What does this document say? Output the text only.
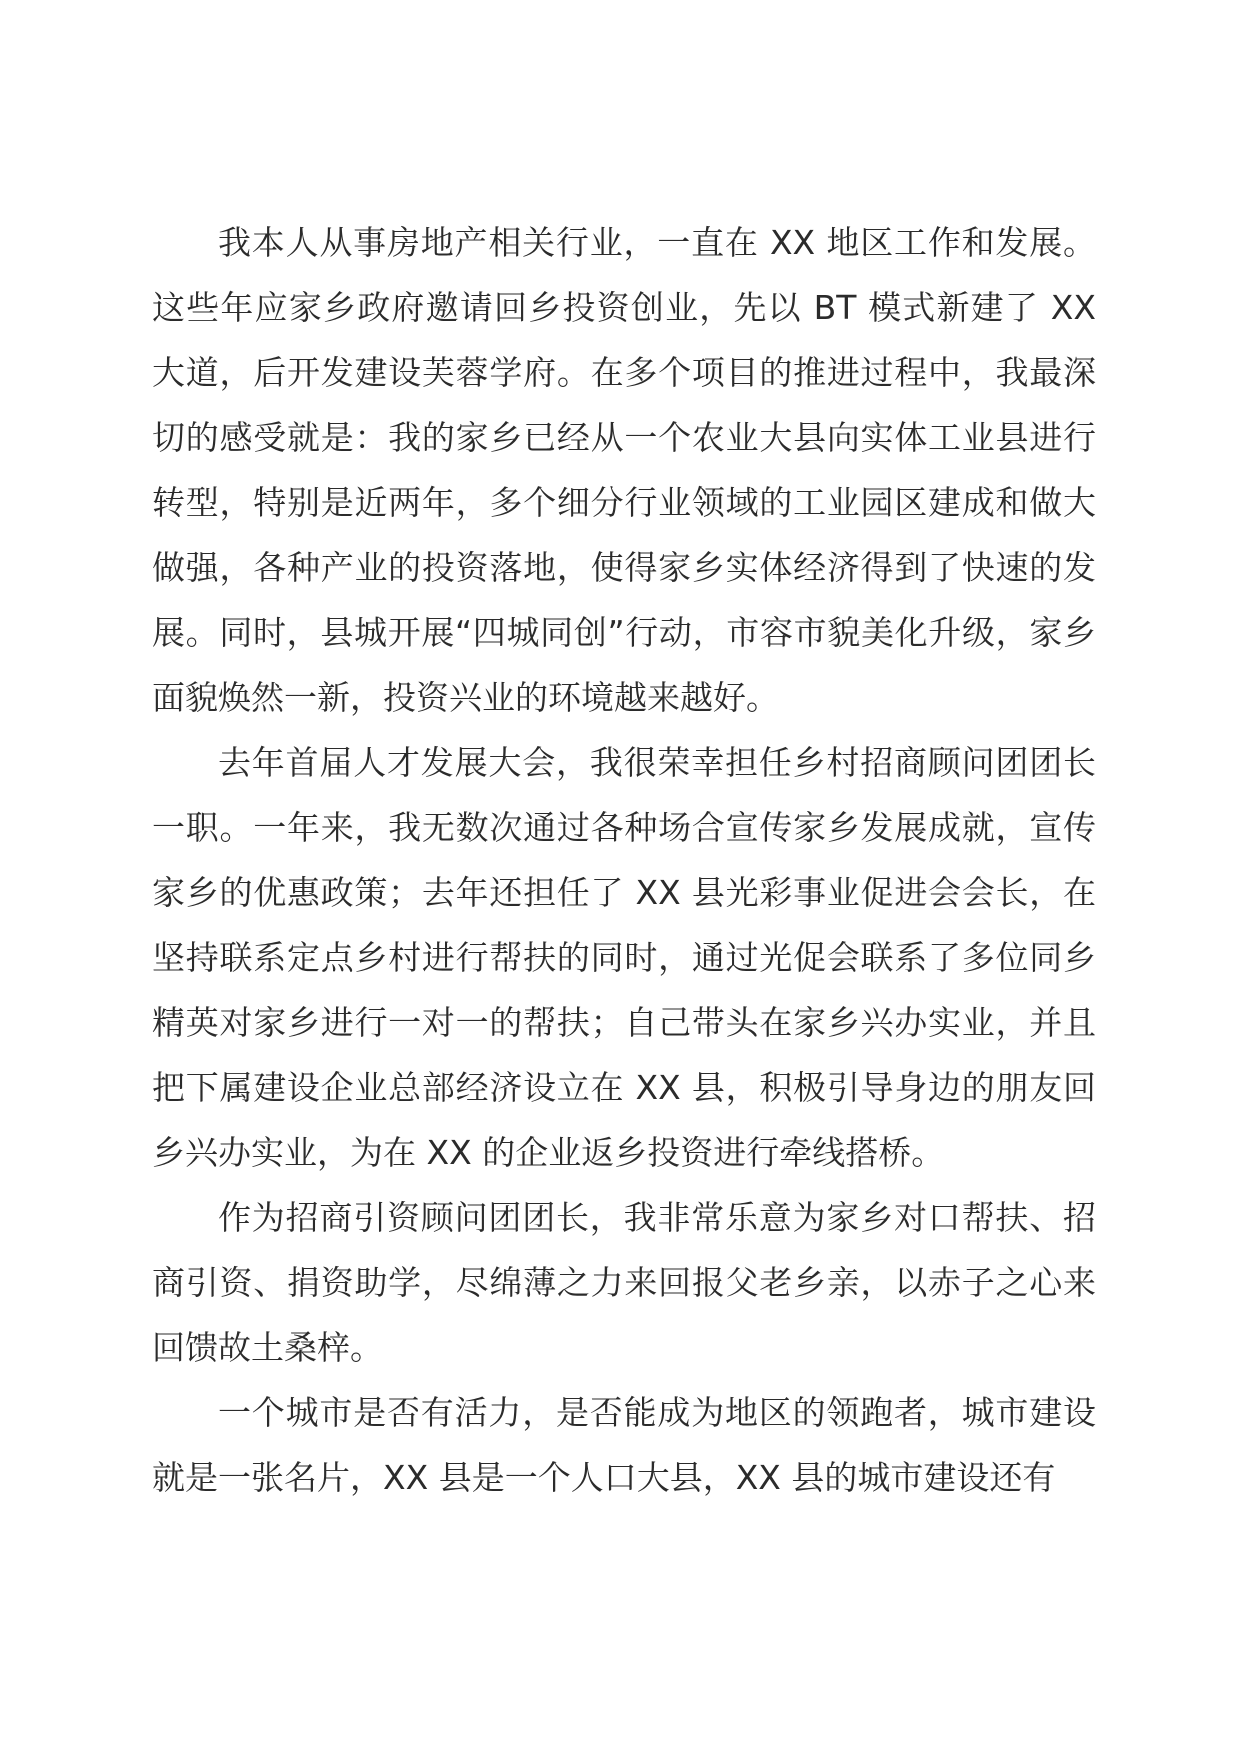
我本人从事房地产相关行业，一直在 XX 地区工作和发展。这些年应家乡政府邀请回乡投资创业，先以 BT 模式新建了 XX 大道，后开发建设芙蓉学府。在多个项目的推进过程中，我最深切的感受就是：我的家乡已经从一个农业大县向实体工业县进行转型，特别是近两年，多个细分行业领域的工业园区建成和做大做强，各种产业的投资落地，使得家乡实体经济得到了快速的发展。同时，县城开展“四城同创”行动，市容市貌美化升级，家乡面貌焕然一新，投资兴业的环境越来越好。

去年首届人才发展大会，我很荣幸担任乡村招商顾问团团长一职。一年来，我无数次通过各种场合宣传家乡发展成就，宣传家乡的优惠政策；去年还担任了 XX 县光彩事业促进会会长，在坚持联系定点乡村进行帮扶的同时，通过光促会联系了多位同乡精英对家乡进行一对一的帮扶；自己带头在家乡兴办实业，并且把下属建设企业总部经济设立在 XX 县，积极引导身边的朋友回乡兴办实业，为在 XX 的企业返乡投资进行牵线搭桥。

作为招商引资顾问团团长，我非常乐意为家乡对口帮扶、招商引资、捐资助学，尽绵薄之力来回报父老乡亲，以赤子之心来回馈故土桑梓。

一个城市是否有活力，是否能成为地区的领跑者，城市建设就是一张名片，XX 县是一个人口大县，XX 县的城市建设还有
